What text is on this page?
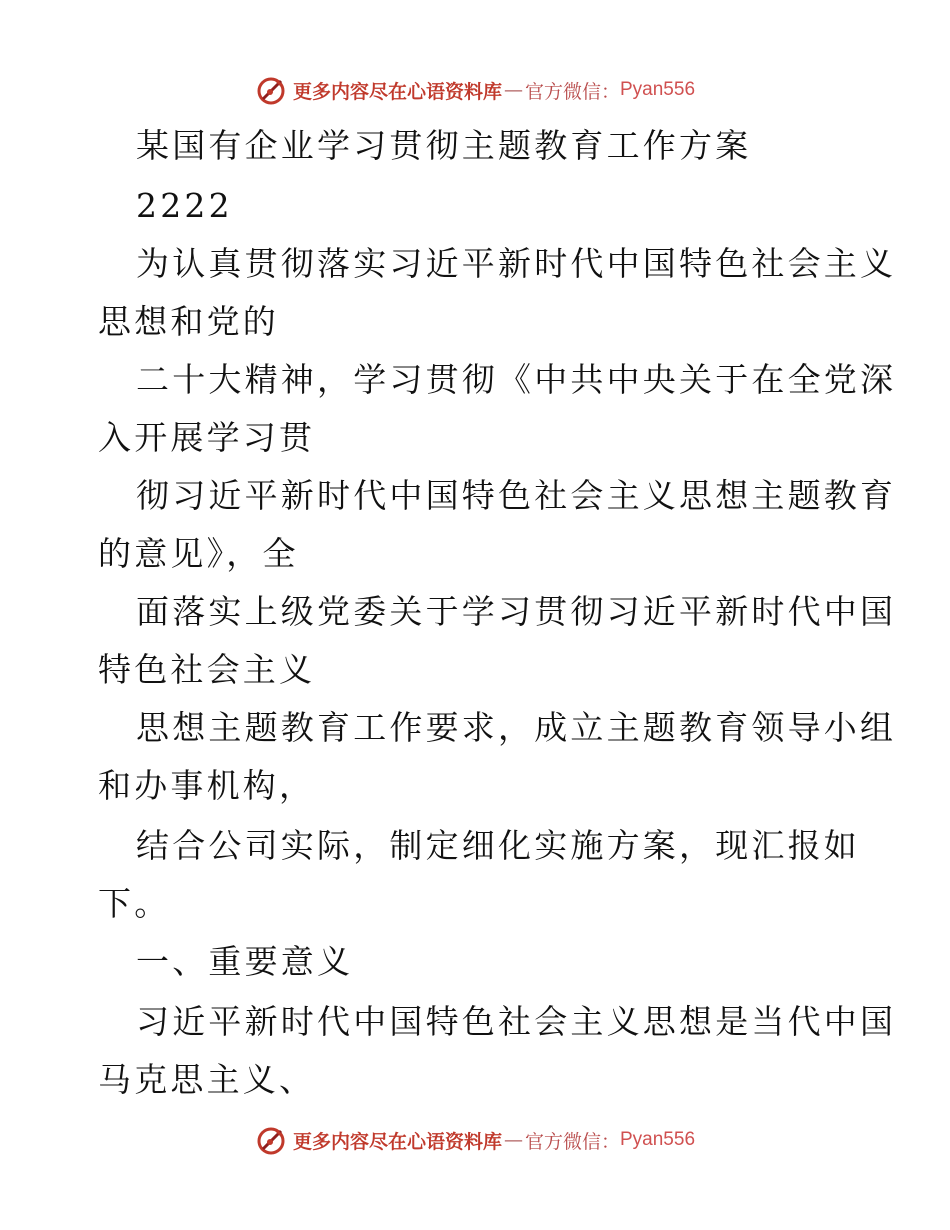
更多内容尽在心语资料库 — 官方微信： Pyan556
某国有企业学习贯彻主题教育工作方案
2222
为认真贯彻落实习近平新时代中国特色社会主义
思想和党的
二十大精神，学习贯彻《中共中央关于在全党深
入开展学习贯
彻习近平新时代中国特色社会主义思想主题教育
的意见》，全
面落实上级党委关于学习贯彻习近平新时代中国
特色社会主义
思想主题教育工作要求，成立主题教育领导小组
和办事机构，
结合公司实际，制定细化实施方案，现汇报如
下。
一、重要意义
习近平新时代中国特色社会主义思想是当代中国
马克思主义、
更多内容尽在心语资料库 — 官方微信： Pyan556
